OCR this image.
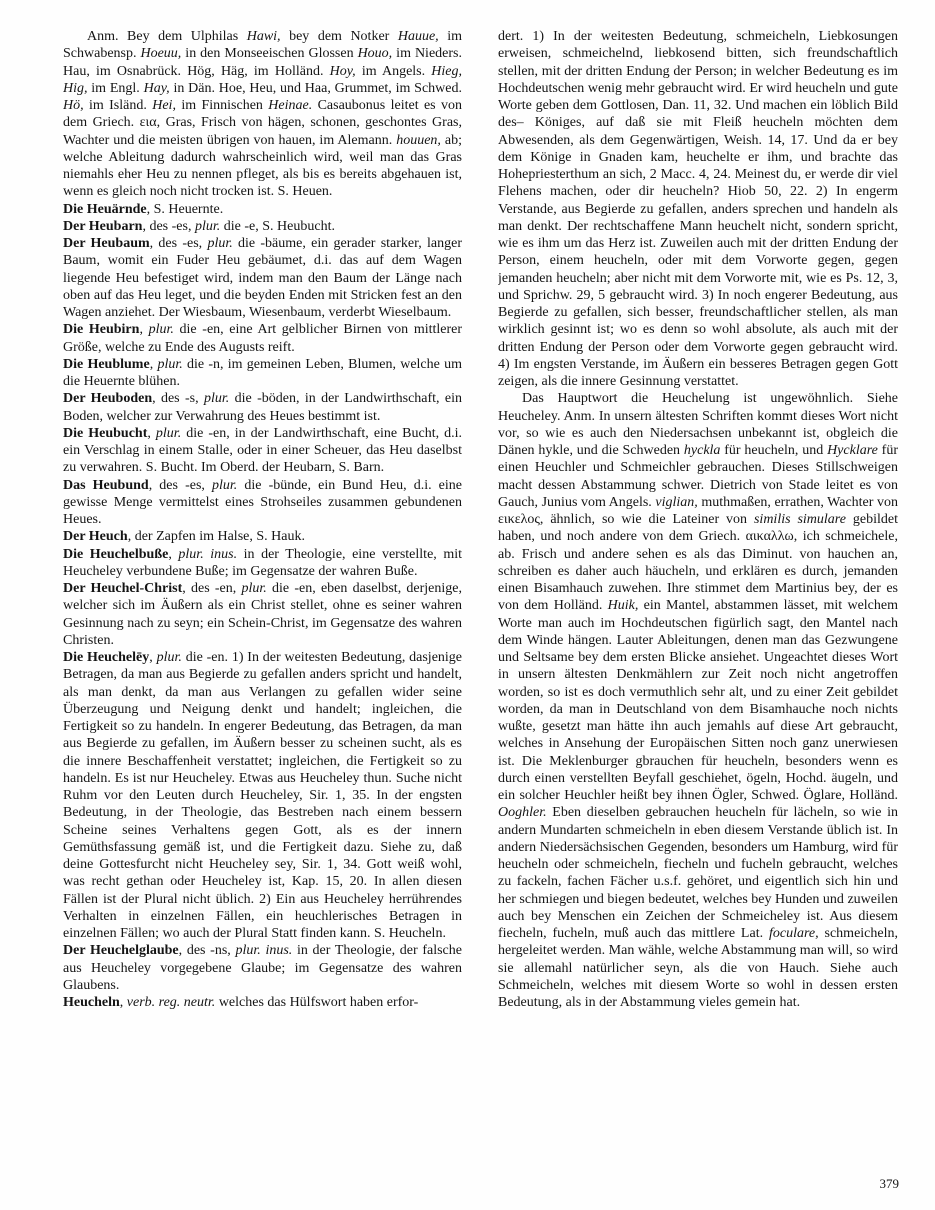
Anm. Bey dem Ulphilas Hawi, bey dem Notker Hauue, im Schwabensp. Hoeuu, in den Monseeischen Glossen Houo, im Nieders. Hau, im Osnabrück. Hög, Häg, im Holländ. Hoy, im Angels. Hieg, Hig, im Engl. Hay, in Dän. Hoe, Heu, und Haa, Grummet, im Schwed. Hö, im Isländ. Hei, im Finnischen Heinae. Casaubonus leitet es von dem Griech. εια, Gras, Frisch von hägen, schonen, geschontes Gras, Wachter und die meisten übrigen von hauen, im Alemann. houuen, ab; welche Ableitung dadurch wahrscheinlich wird, weil man das Gras niemahls eher Heu zu nennen pfleget, als bis es bereits abgehauen ist, wenn es gleich noch nicht trocken ist. S. Heuen.

Die Heuärnde, S. Heuernte.

Der Heubarn, des -es, plur. die -e, S. Heubucht.

Der Heubaum, des -es, plur. die -bäume, ein gerader starker, langer Baum, womit ein Fuder Heu gebäumet, d.i. das auf dem Wagen liegende Heu befestiget wird, indem man den Baum der Länge nach oben auf das Heu leget, und die beyden Enden mit Stricken fest an den Wagen anziehet. Der Wiesbaum, Wiesenbaum, verderbt Wieselbaum.

Die Heubirn, plur. die -en, eine Art gelblicher Birnen von mittlerer Größe, welche zu Ende des Augusts reift.

Die Heublume, plur. die -n, im gemeinen Leben, Blumen, welche um die Heuernte blühen.

Der Heuboden, des -s, plur. die -böden, in der Landwirthschaft, ein Boden, welcher zur Verwahrung des Heues bestimmt ist.

Die Heubucht, plur. die -en, in der Landwirthschaft, eine Bucht, d.i. ein Verschlag in einem Stalle, oder in einer Scheuer, das Heu daselbst zu verwahren. S. Bucht. Im Oberd. der Heubarn, S. Barn.

Das Heubund, des -es, plur. die -bünde, ein Bund Heu, d.i. eine gewisse Menge vermittelst eines Strohseiles zusammen gebundenen Heues.

Der Heuch, der Zapfen im Halse, S. Hauk.

Die Heuchelbuße, plur. inus. in der Theologie, eine verstellte, mit Heucheley verbundene Buße; im Gegensatze der wahren Buße.

Der Heuchel-Christ, des -en, plur. die -en, eben daselbst, derjenige, welcher sich im Äußern als ein Christ stellet, ohne es seiner wahren Gesinnung nach zu seyn; ein Schein-Christ, im Gegensatze des wahren Christen.

Die Heuchelēy, plur. die -en. 1) In der weitesten Bedeutung, dasjenige Betragen, da man aus Begierde zu gefallen anders spricht und handelt, als man denkt, da man aus Verlangen zu gefallen wider seine Überzeugung und Neigung denkt und handelt; ingleichen, die Fertigkeit so zu handeln. In engerer Bedeutung, das Betragen, da man aus Begierde zu gefallen, im Äußern besser zu scheinen sucht, als es die innere Beschaffenheit verstattet; ingleichen, die Fertigkeit so zu handeln. Es ist nur Heucheley. Etwas aus Heucheley thun. Suche nicht Ruhm vor den Leuten durch Heucheley, Sir. 1, 35. In der engsten Bedeutung, in der Theologie, das Bestreben nach einem bessern Scheine seines Verhaltens gegen Gott, als es der innern Gemüthsfassung gemäß ist, und die Fertigkeit dazu. Siehe zu, daß deine Gottesfurcht nicht Heucheley sey, Sir. 1, 34. Gott weiß wohl, was recht gethan oder Heucheley ist, Kap. 15, 20. In allen diesen Fällen ist der Plural nicht üblich. 2) Ein aus Heucheley herrührendes Verhalten in einzelnen Fällen, ein heuchlerisches Betragen in einzelnen Fällen; wo auch der Plural Statt finden kann. S. Heucheln.

Der Heuchelglaube, des -ns, plur. inus. in der Theologie, der falsche aus Heucheley vorgegebene Glaube; im Gegensatze des wahren Glaubens.

Heucheln, verb. reg. neutr. welches das Hülfswort haben erfor-

dert. 1) In der weitesten Bedeutung, schmeicheln, Liebkosungen erweisen, schmeichelnd, liebkosend bitten, sich freundschaftlich stellen, mit der dritten Endung der Person; in welcher Bedeutung es im Hochdeutschen wenig mehr gebraucht wird. Er wird heucheln und gute Worte geben dem Gottlosen, Dan. 11, 32. Und machen ein löblich Bild des– Königes, auf daß sie mit Fleiß heucheln möchten dem Abwesenden, als dem Gegenwärtigen, Weish. 14, 17. Und da er bey dem Könige in Gnaden kam, heuchelte er ihm, und brachte das Hohepriesterthum an sich, 2 Macc. 4, 24. Meinest du, er werde dir viel Flehens machen, oder dir heucheln? Hiob 50, 22. 2) In engerm Verstande, aus Begierde zu gefallen, anders sprechen und handeln als man denkt. Der rechtschaffene Mann heuchelt nicht, sondern spricht, wie es ihm um das Herz ist. Zuweilen auch mit der dritten Endung der Person, einem heucheln, oder mit dem Vorworte gegen, gegen jemanden heucheln; aber nicht mit dem Vorworte mit, wie es Ps. 12, 3, und Sprichw. 29, 5 gebraucht wird. 3) In noch engerer Bedeutung, aus Begierde zu gefallen, sich besser, freundschaftlicher stellen, als man wirklich gesinnt ist; wo es denn so wohl absolute, als auch mit der dritten Endung der Person oder dem Vorworte gegen gebraucht wird. 4) Im engsten Verstande, im Äußern ein besseres Betragen gegen Gott zeigen, als die innere Gesinnung verstattet.

Das Hauptwort die Heuchelung ist ungewöhnlich. Siehe Heucheley. Anm. In unsern ältesten Schriften kommt dieses Wort nicht vor, so wie es auch den Niedersachsen unbekannt ist, obgleich die Dänen hykle, und die Schweden hyckla für heucheln, und Hycklare für einen Heuchler und Schmeichler gebrauchen. Dieses Stillschweigen macht dessen Abstammung schwer. Dietrich von Stade leitet es von Gauch, Junius vom Angels. viglian, muthmaßen, errathen, Wachter von εικελος, ähnlich, so wie die Lateiner von similis simulare gebildet haben, und noch andere von dem Griech. αικαλλω, ich schmeichele, ab. Frisch und andere sehen es als das Diminut. von hauchen an, schreiben es daher auch häucheln, und erklären es durch, jemanden einen Bisamhauch zuwehen. Ihre stimmet dem Martinius bey, der es von dem Holländ. Huik, ein Mantel, abstammen lässet, mit welchem Worte man auch im Hochdeutschen figürlich sagt, den Mantel nach dem Winde hängen. Lauter Ableitungen, denen man das Gezwungene und Seltsame bey dem ersten Blicke ansiehet. Ungeachtet dieses Wort in unsern ältesten Denkmählern zur Zeit noch nicht angetroffen worden, so ist es doch vermuthlich sehr alt, und zu einer Zeit gebildet worden, da man in Deutschland von dem Bisamhauche noch nichts wußte, gesetzt man hätte ihn auch jemahls auf diese Art gebraucht, welches in Ansehung der Europäischen Sitten noch ganz unerwiesen ist. Die Meklenburger gbrauchen für heucheln, besonders wenn es durch einen verstellten Beyfall geschiehet, ögeln, Hochd. äugeln, und ein solcher Heuchler heißt bey ihnen Ögler, Schwed. Öglare, Holländ. Ooghler. Eben dieselben gebrauchen heucheln für lächeln, so wie in andern Mundarten schmeicheln in eben diesem Verstande üblich ist. In andern Niedersächsischen Gegenden, besonders um Hamburg, wird für heucheln oder schmeicheln, fiecheln und fucheln gebraucht, welches zu fackeln, fachen Fächer u.s.f. gehöret, und eigentlich sich hin und her schmiegen und biegen bedeutet, welches bey Hunden und zuweilen auch bey Menschen ein Zeichen der Schmeicheley ist. Aus diesem fiecheln, fucheln, muß auch das mittlere Lat. foculare, schmeicheln, hergeleitet werden. Man wähle, welche Abstammung man will, so wird sie allemahl natürlicher seyn, als die von Hauch. Siehe auch Schmeicheln, welches mit diesem Worte so wohl in dessen ersten Bedeutung, als in der Abstammung vieles gemein hat.

379
